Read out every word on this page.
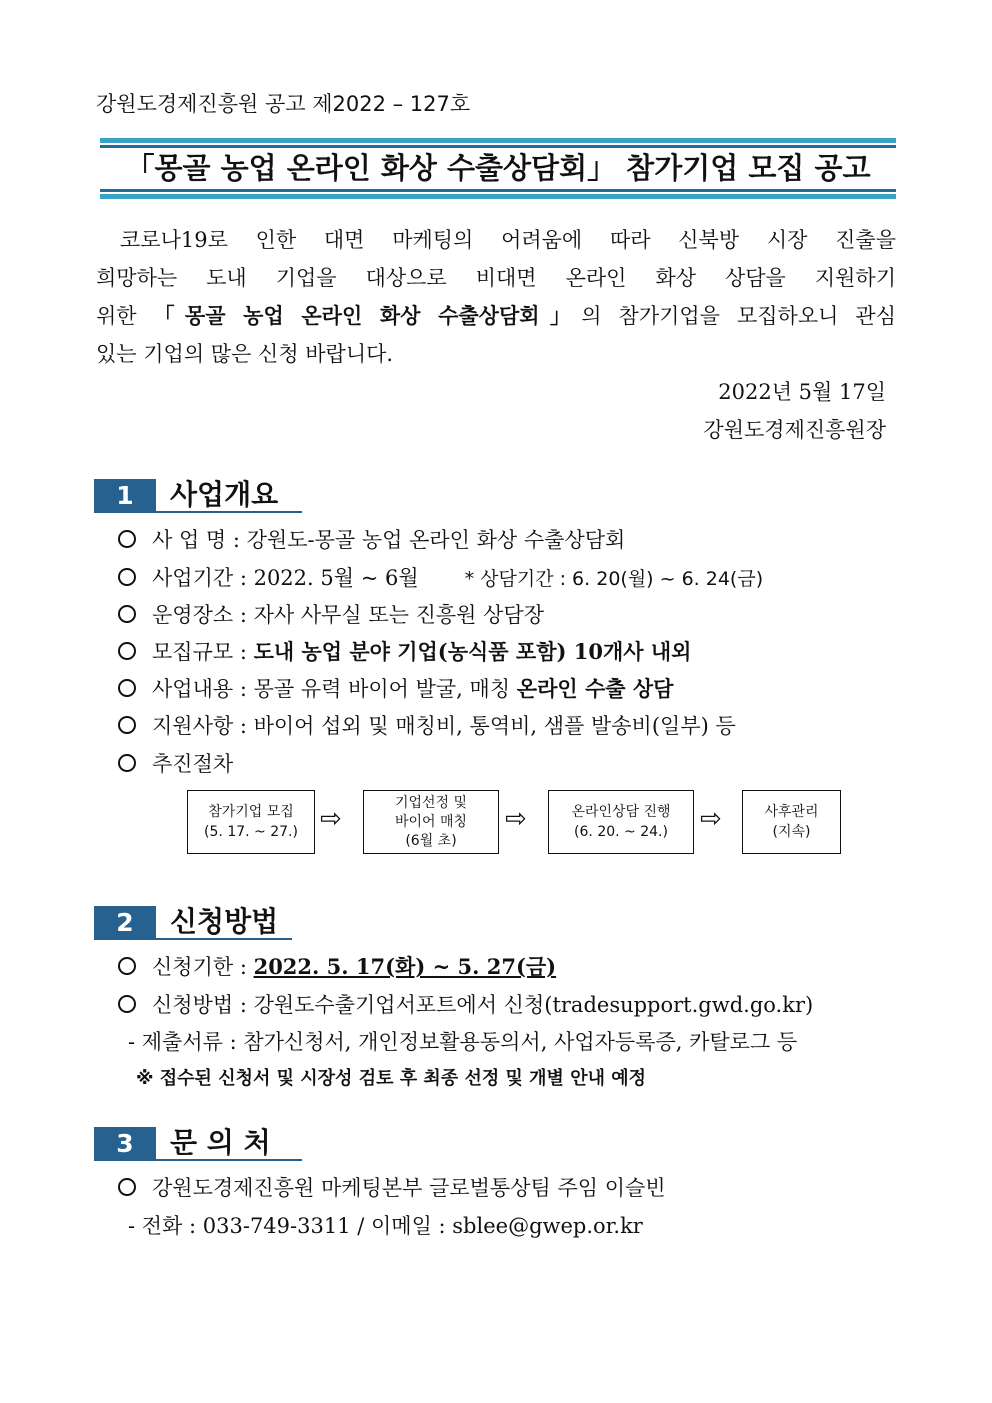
강원도경제진흥원 공고 제2022 – 127호
「몽골 농업 온라인 화상 수출상담회」 참가기업 모집 공고

코로나19로 인한 대면 마케팅의 어려움에 따라 신북방 시장 진출을

희망하는 도내 기업을 대상으로 비대면 온라인 화상 상담을 지원하기

위한 「몽골 농업 온라인 화상 수출상담회」의 참가기업을 모집하오니 관심

있는 기업의 많은 신청 바랍니다.

2022년 5월 17일
강원도경제진흥원장
1	사업개요
사 업 명 : 강원도-몽골 농업 온라인 화상 수출상담회
사업기간 : 2022. 5월 ~ 6월 * 상담기간 : 6. 20(월) ~ 6. 24(금)
운영장소 : 자사 사무실 또는 진흥원 상담장
모집규모 : 도내 농업 분야 기업(농식품 포함) 10개사 내외
사업내용 : 몽골 유력 바이어 발굴, 매칭 온라인 수출 상담
지원사항 : 바이어 섭외 및 매칭비, 통역비, 샘플 발송비(일부) 등
추진절차
참가기업 모집
(5. 17. ~ 27.) ⇨
기업선정 및
바이어 매칭
(6월 초)
⇨	온라인상담 진행
(6. 20. ~ 24.)	⇨	사후관리
(지속)
2	신청방법
신청기한 : 2022. 5. 17(화) ~ 5. 27(금)
신청방법 : 강원도수출기업서포트에서 신청(tradesupport.gwd.go.kr)
- 제출서류 : 참가신청서, 개인정보활용동의서, 사업자등록증, 카탈로그 등
※ 접수된 신청서 및 시장성 검토 후 최종 선정 및 개별 안내 예정
3	문 의 처
강원도경제진흥원 마케팅본부 글로벌통상팀 주임 이슬빈
- 전화 : 033-749-3311 / 이메일 : sblee@gwep.or.kr
